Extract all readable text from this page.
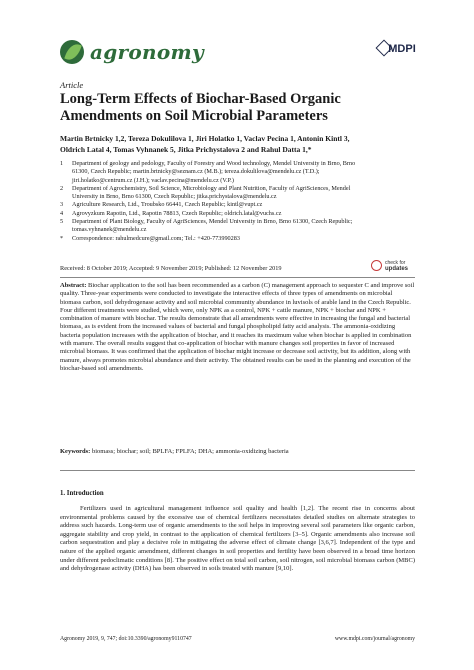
agronomy	MDPI
Article
Long-Term Effects of Biochar-Based Organic Amendments on Soil Microbial Parameters
Martin Brtnicky 1,2, Tereza Dokulilova 1, Jiri Holatko 1, Vaclav Pecina 1, Antonin Kintl 3,
Oldrich Latal 4, Tomas Vyhnanek 5, Jitka Prichystalova 2 and Rahul Datta 1,*
1	Department of geology and pedology, Faculty of Forestry and Wood technology, Mendel University in Brno, Brno 61300, Czech Republic; martin.brtnicky@seznam.cz (M.B.); tereza.dokulilova@mendelu.cz (T.D.); jiri.holatko@centrum.cz (J.H.); vaclav.pecina@mendelu.cz (V.P.)
2	Department of Agrochemistry, Soil Science, Microbiology and Plant Nutrition, Faculty of AgriSciences, Mendel University in Brno, Brno 61300, Czech Republic; jitka.prichystalova@mendelu.cz
3	Agriculture Research, Ltd., Troubsko 66441, Czech Republic; kintl@vupt.cz
4	Agrovyzkum Rapotin, Ltd., Rapotin 78813, Czech Republic; oldrich.latal@vuchs.cz
5	Department of Plant Biology, Faculty of AgriSciences, Mendel University in Brno, Brno 61300, Czech Republic; tomas.vyhnanek@mendelu.cz
*	Correspondence: rahulmedcure@gmail.com; Tel.: +420-773990283
Received: 8 October 2019; Accepted: 9 November 2019; Published: 12 November 2019
check for
updates
Abstract: Biochar application to the soil has been recommended as a carbon (C) management approach to sequester C and improve soil quality. Three-year experiments were conducted to investigate the interactive effects of three types of amendments on microbial biomass carbon, soil dehydrogenase activity and soil microbial community abundance in luvisols of arable land in the Czech Republic. Four different treatments were studied, which were, only NPK as a control, NPK + cattle manure, NPK + biochar and NPK + combination of manure with biochar. The results demonstrate that all amendments were effective in increasing the fungal and bacterial biomass, as is evident from the increased values of bacterial and fungal phospholipid fatty acid analysis. The ammonia-oxidizing bacteria population increases with the application of biochar, and it reaches its maximum value when biochar is applied in combination with manure. The overall results suggest that co-application of biochar with manure changes soil properties in favor of increased microbial biomass. It was confirmed that the application of biochar might increase or decrease soil activity, but its addition, along with manure, always promotes microbial abundance and their activity. The obtained results can be used in the planning and execution of the biochar-based soil amendments.
Keywords: biomass; biochar; soil; BPLFA; FPLFA; DHA; ammonia-oxidizing bacteria
1. Introduction

Fertilizers used in agricultural management influence soil quality and health [1,2]. The recent rise in concerns about environmental problems caused by the excessive use of chemical fertilizers necessitates detailed studies on alternate strategies to address such hazards. Long-term use of organic amendments to the soil helps in improving several soil parameters like organic carbon, aggregate stability and crop yield, in contrast to the application of chemical fertilizers [3–5]. Organic amendments also increase soil carbon sequestration and play a decisive role in mitigating the adverse effect of climate change [3,6,7]. Independent of the type and nature of the applied organic amendment, different changes in soil properties and fertility have been observed in a broad time horizon under different pedoclimatic conditions [8]. The positive effect on total soil carbon, soil nitrogen, soil microbial biomass carbon (MBC) and dehydrogenase activity (DHA) has been observed in soils treated with manure [9,10].

Agronomy 2019, 9, 747; doi:10.3390/agronomy9110747	www.mdpi.com/journal/agronomy
